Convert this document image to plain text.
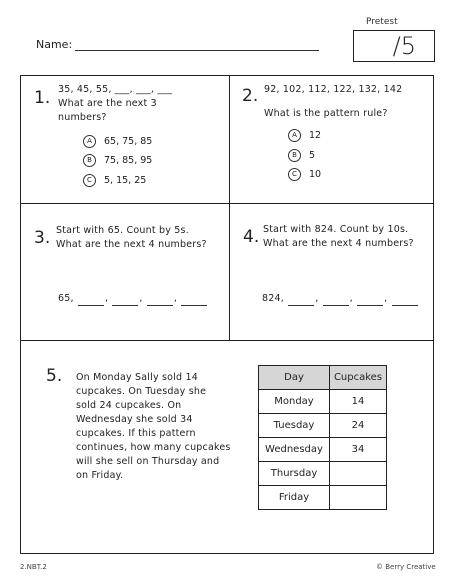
Pretest
/5
Name:
1. 35, 45, 55, ___, ___, ___
What are the next 3
numbers?
A	65, 75, 85
B	75, 85, 95
C	5, 15, 25
2. 92, 102, 112, 122, 132, 142
What is the pattern rule?
A	12
B	5
C	10
3. Start with 65. Count by 5s.
What are the next 4 numbers?
65,	,	,	,
4. Start with 824. Count by 10s.
What are the next 4 numbers?
824,	,	,	,
5. On Monday Sally sold 14
cupcakes. On Tuesday she
sold 24 cupcakes. On
Wednesday she sold 34
cupcakes. If this pattern
continues, how many cupcakes
will she sell on Thursday and
on Friday.
Day	Cupcakes
Monday	14
Tuesday	24
Wednesday	34
Thursday	
Friday	
2.NBT.2	© Berry Creative
